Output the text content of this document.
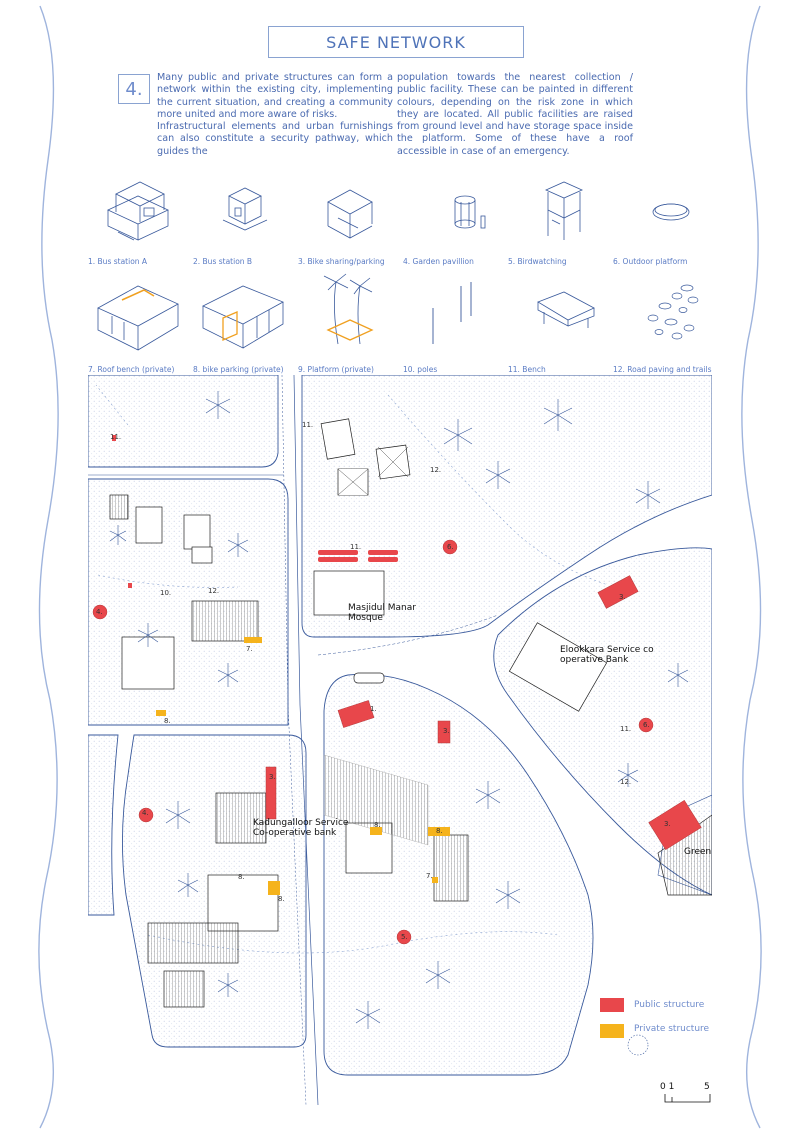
SAFE NETWORK
4.

Many public and private structures can form a network within the existing city, implementing the current situation, and creating a community more united and more aware of risks.

Infrastructural elements and urban furnishings can also constitute a security pathway, which guides the

population towards the nearest collection / public facility. These can be painted in different colours, depending on the risk zone in which they are located. All public facilities are raised from ground level and have storage space inside the platform. Some of these have a roof accessible in case of an emergency.

1. Bus station A	2. Bus station B	3. Bike sharing/parking 4. Garden pavillion	5. Birdwatching	6. Outdoor platform
7. Roof bench (private) 8. bike parking (private) 9. Platform (private)	10. poles	11. Bench	12. Road paving and trails
11.
11.
11.
11.
12.
12.
12.
10.
7.
7.
8.
8.
8.
8.
8.
3.
3.
3.
3.
1.
4.
4.
5.
6.
6.
Masjidul Manar
Mosque
Elookkara Service co
operative Bank
Kadungalloor Service
Co-operative bank
Green
Public structure
Private structure
0 1	5
